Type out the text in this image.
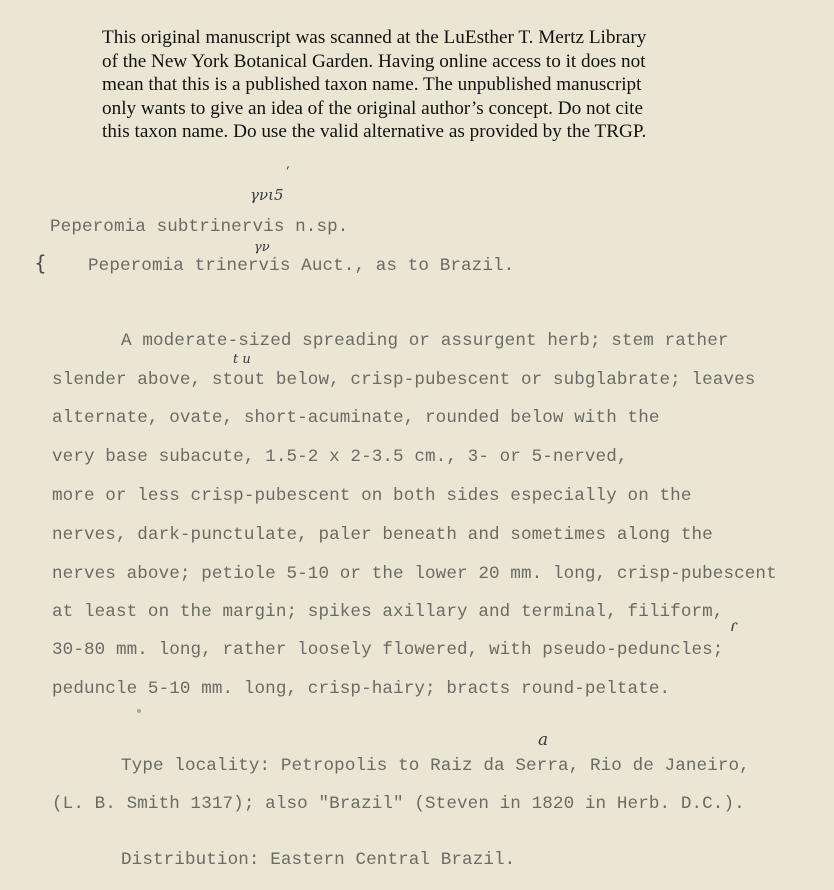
This original manuscript was scanned at the LuEsther T. Mertz Library
of the New York Botanical Garden. Having online access to it does not
mean that this is a published taxon name. The unpublished manuscript
only wants to give an idea of the original author’s concept. Do not cite
this taxon name. Do use the valid alternative as provided by the TRGP.
ʹ
γνι5
Peperomia subtrinervis n.sp.
{
γν
Peperomia trinervis Auct., as to Brazil.
A moderate-sized spreading or assurgent herb; stem rather
t u
slender above, stout below, crisp-pubescent or subglabrate; leaves
alternate, ovate, short-acuminate, rounded below with the
very base subacute, 1.5-2 x 2-3.5 cm., 3- or 5-nerved,
more or less crisp-pubescent on both sides especially on the
nerves, dark-punctulate, paler beneath and sometimes along the
nerves above; petiole 5-10 or the lower 20 mm. long, crisp-pubescent
ɾ
at least on the margin; spikes axillary and terminal, filiform,
30-80 mm. long, rather loosely flowered, with pseudo-peduncles;
peduncle 5-10 mm. long, crisp-hairy; bracts round-peltate.
a
Type locality: Petropolis to Raiz da Serra, Rio de Janeiro,
(L. B. Smith 1317); also "Brazil" (Steven in 1820 in Herb. D.C.).
Distribution: Eastern Central Brazil.
